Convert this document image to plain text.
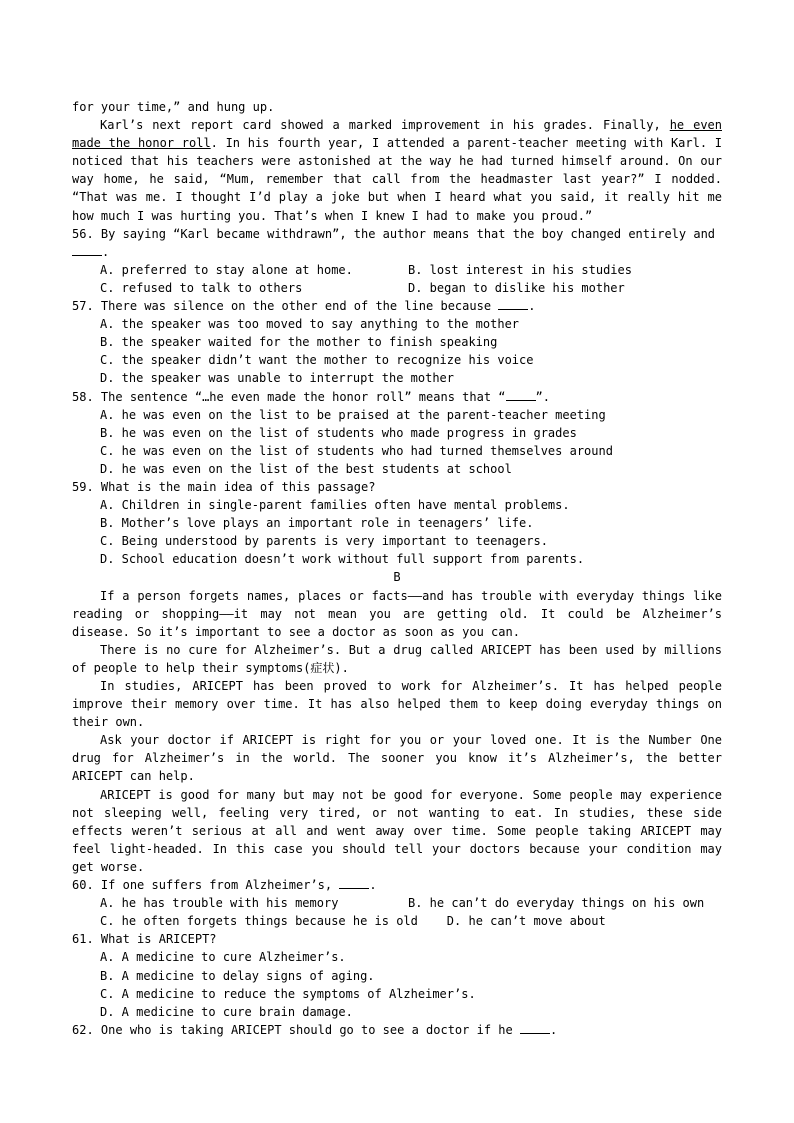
for your time,” and hung up.

Karl’s next report card showed a marked improvement in his grades. Finally, he even made the honor roll. In his fourth year, I attended a parent-teacher meeting with Karl. I noticed that his teachers were astonished at the way he had turned himself around. On our way home, he said, “Mum, remember that call from the headmaster last year?” I nodded. “That was me. I thought I’d play a joke but when I heard what you said, it really hit me how much I was hurting you. That’s when I knew I had to make you proud.”

56. By saying “Karl became withdrawn”, the author means that the boy changed entirely and

.

A. preferred to stay alone at home.	B. lost interest in his studies
C. refused to talk to others	D. began to dislike his mother

57. There was silence on the other end of the line because	.

A. the speaker was too moved to say anything to the mother

B. the speaker waited for the mother to finish speaking

C. the speaker didn’t want the mother to recognize his voice

D. the speaker was unable to interrupt the mother

58. The sentence “…he even made the honor roll” means that “	”.

A. he was even on the list to be praised at the parent-teacher meeting

B. he was even on the list of students who made progress in grades

C. he was even on the list of students who had turned themselves around

D. he was even on the list of the best students at school

59. What is the main idea of this passage?

A. Children in single-parent families often have mental problems.

B. Mother’s love plays an important role in teenagers’ life.

C. Being understood by parents is very important to teenagers.

D. School education doesn’t work without full support from parents.

B

If a person forgets names, places or facts——and has trouble with everyday things like reading or shopping——it may not mean you are getting old. It could be Alzheimer’s disease. So it’s important to see a doctor as soon as you can.

There is no cure for Alzheimer’s. But a drug called ARICEPT has been used by millions of people to help their symptoms(症状).

In studies, ARICEPT has been proved to work for Alzheimer’s. It has helped people improve their memory over time. It has also helped them to keep doing everyday things on their own.

Ask your doctor if ARICEPT is right for you or your loved one. It is the Number One drug for Alzheimer’s in the world. The sooner you know it’s Alzheimer’s, the better ARICEPT can help.

ARICEPT is good for many but may not be good for everyone. Some people may experience not sleeping well, feeling very tired, or not wanting to eat. In studies, these side effects weren’t serious at all and went away over time. Some people taking ARICEPT may feel light-headed. In this case you should tell your doctors because your condition may get worse.

60. If one suffers from Alzheimer’s,	.

A. he has trouble with his memory	B. he can’t do everyday things on his own
C. he often forgets things because he is old D. he can’t move about

61. What is ARICEPT?

A. A medicine to cure Alzheimer’s.

B. A medicine to delay signs of aging.

C. A medicine to reduce the symptoms of Alzheimer’s.

D. A medicine to cure brain damage.

62. One who is taking ARICEPT should go to see a doctor if he	.
